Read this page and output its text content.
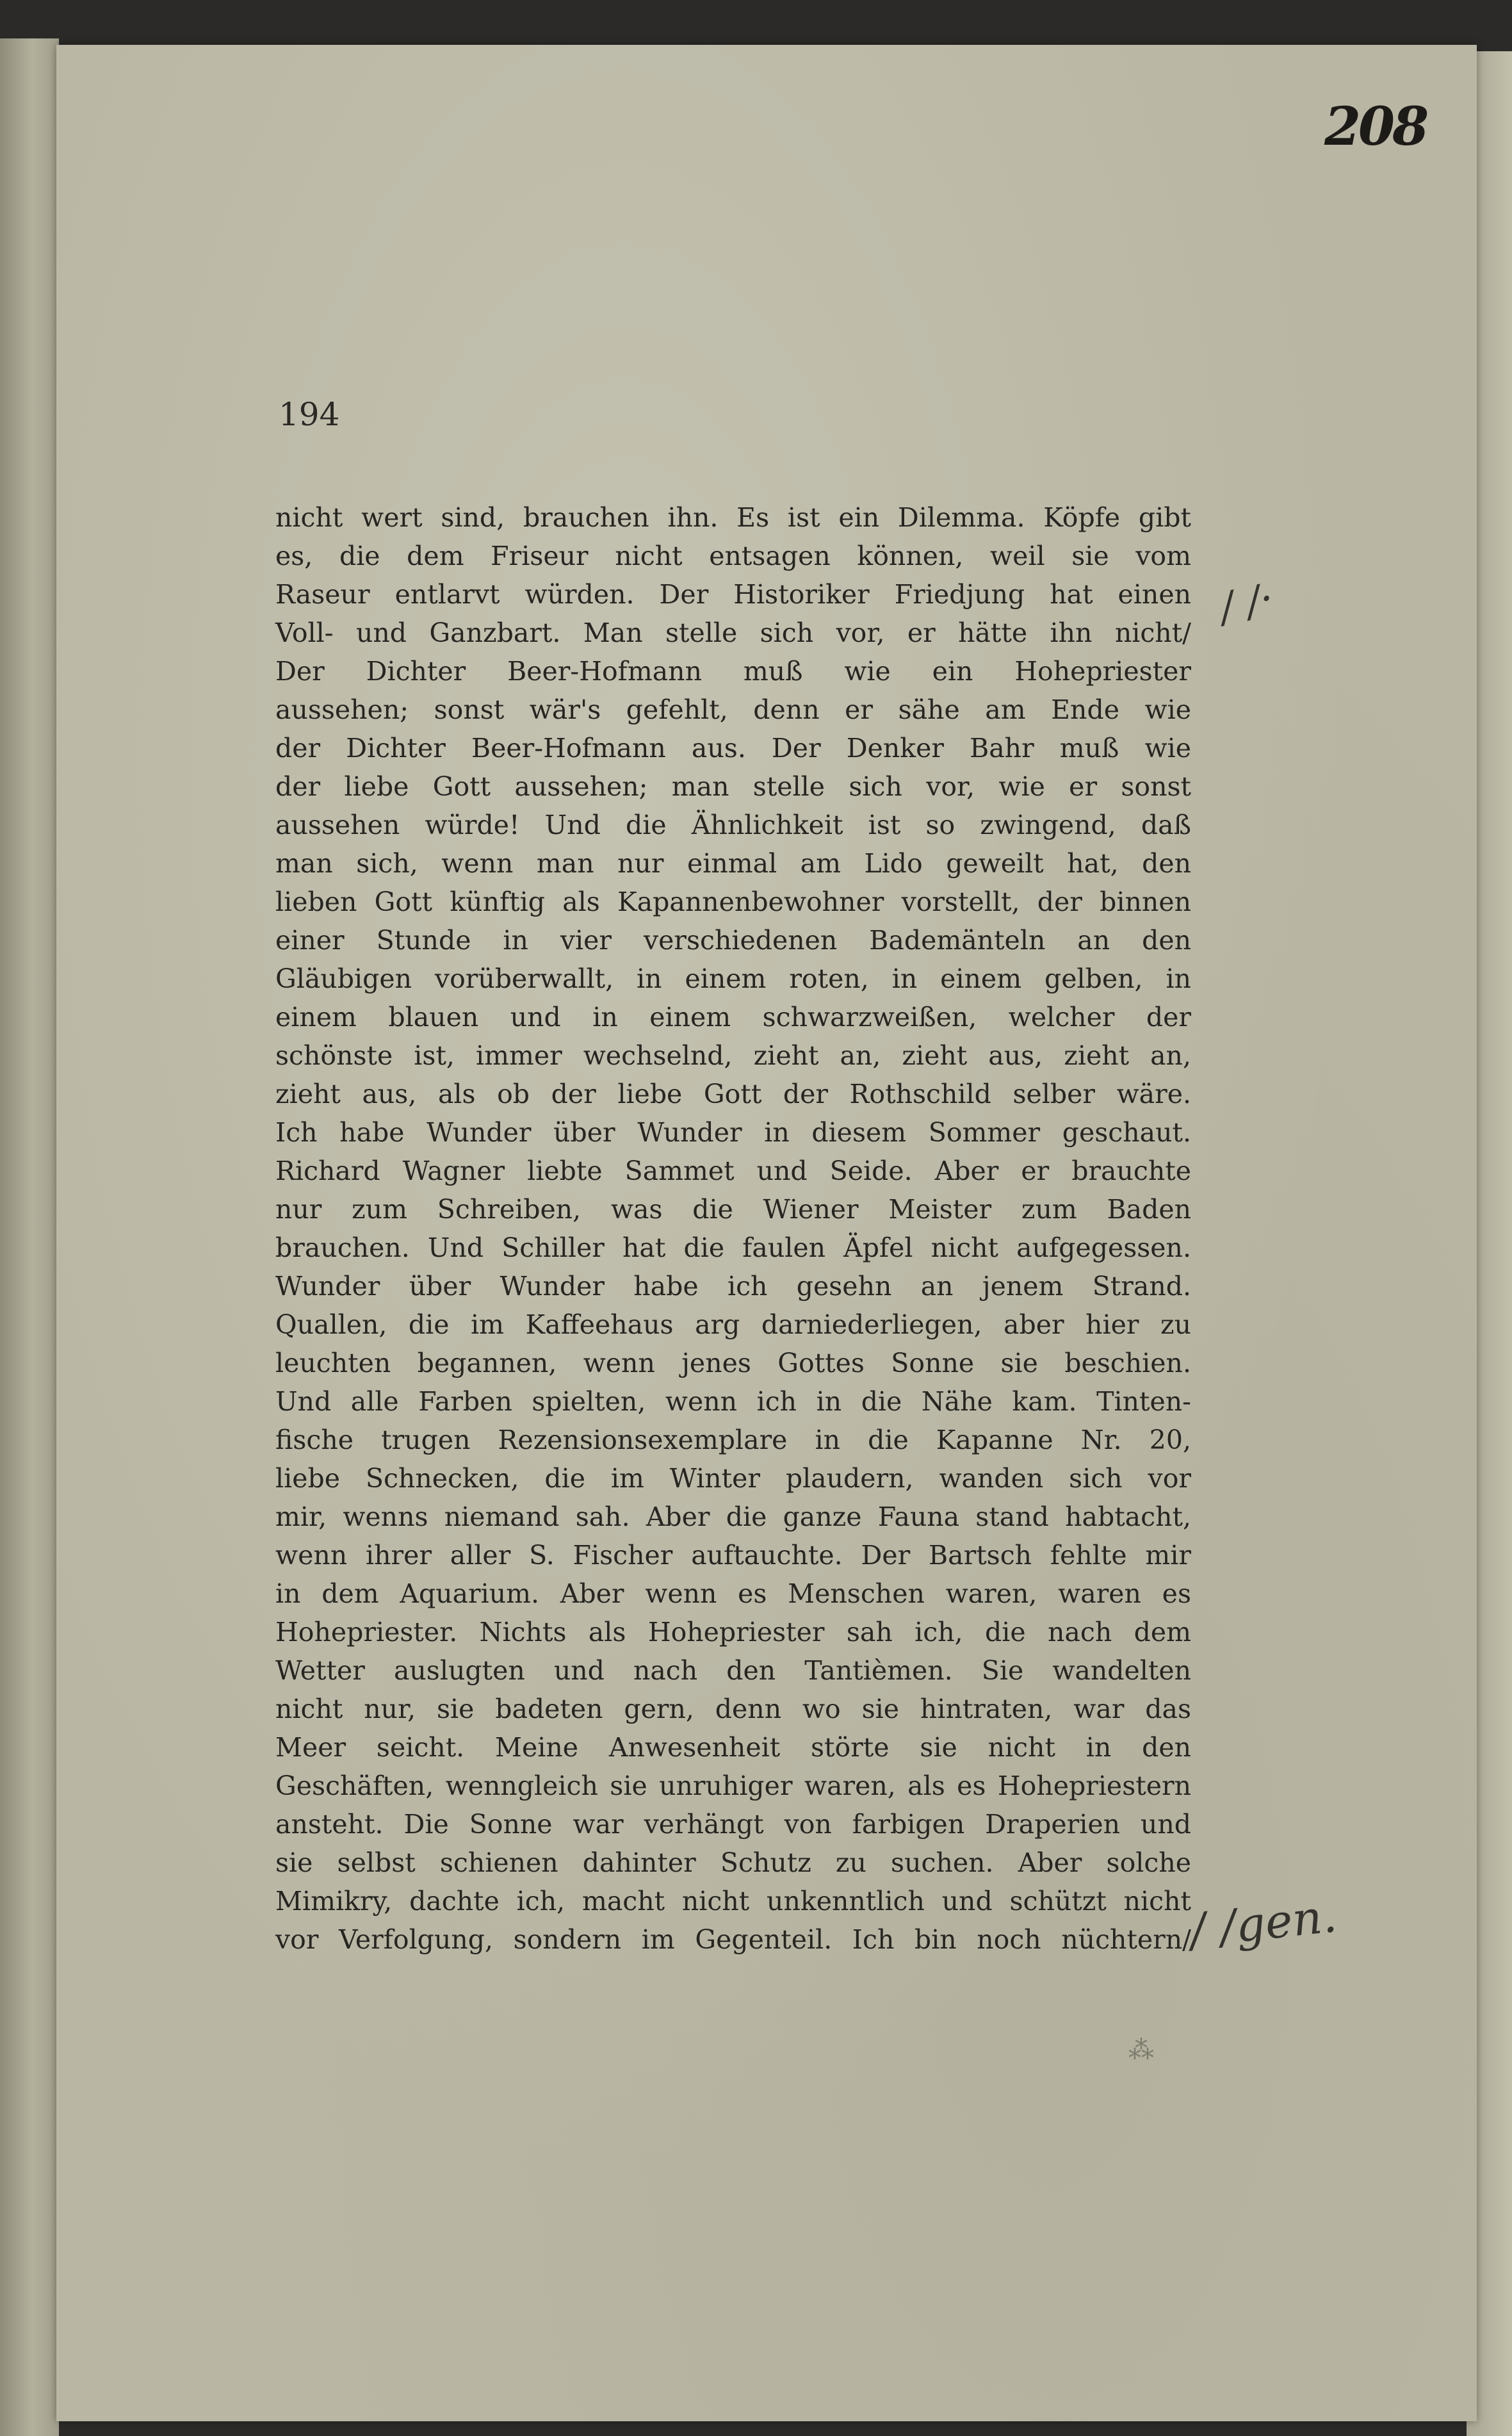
208
194
nicht wert sind, brauchen ihn. Es ist ein Dilemma. Köpfe gibt
es, die dem Friseur nicht entsagen können, weil sie vom
Raseur entlarvt würden. Der Historiker Friedjung hat einen
Voll- und Ganzbart. Man stelle sich vor, er hätte ihn nicht/
Der Dichter Beer-Hofmann muß wie ein Hohepriester
aussehen; sonst wär's gefehlt, denn er sähe am Ende wie
der Dichter Beer-Hofmann aus. Der Denker Bahr muß wie
der liebe Gott aussehen; man stelle sich vor, wie er sonst
aussehen würde! Und die Ähnlichkeit ist so zwingend, daß
man sich, wenn man nur einmal am Lido geweilt hat, den
lieben Gott künftig als Kapannenbewohner vorstellt, der binnen
einer Stunde in vier verschiedenen Bademänteln an den
Gläubigen vorüberwallt, in einem roten, in einem gelben, in
einem blauen und in einem schwarzweißen, welcher der
schönste ist, immer wechselnd, zieht an, zieht aus, zieht an,
zieht aus, als ob der liebe Gott der Rothschild selber wäre.
Ich habe Wunder über Wunder in diesem Sommer geschaut.
Richard Wagner liebte Sammet und Seide. Aber er brauchte
nur zum Schreiben, was die Wiener Meister zum Baden
brauchen. Und Schiller hat die faulen Äpfel nicht aufgegessen.
Wunder über Wunder habe ich gesehn an jenem Strand.
Quallen, die im Kaffeehaus arg darniederliegen, aber hier zu
leuchten begannen, wenn jenes Gottes Sonne sie beschien.
Und alle Farben spielten, wenn ich in die Nähe kam. Tinten-
fische trugen Rezensionsexemplare in die Kapanne Nr. 20,
liebe Schnecken, die im Winter plaudern, wanden sich vor
mir, wenns niemand sah. Aber die ganze Fauna stand habtacht,
wenn ihrer aller S. Fischer auftauchte. Der Bartsch fehlte mir
in dem Aquarium. Aber wenn es Menschen waren, waren es
Hohepriester. Nichts als Hohepriester sah ich, die nach dem
Wetter auslugten und nach den Tantièmen. Sie wandelten
nicht nur, sie badeten gern, denn wo sie hintraten, war das
Meer seicht. Meine Anwesenheit störte sie nicht in den
Geschäften, wenngleich sie unruhiger waren, als es Hohepriestern
ansteht. Die Sonne war verhängt von farbigen Draperien und
sie selbst schienen dahinter Schutz zu suchen. Aber solche
Mimikry, dachte ich, macht nicht unkenntlich und schützt nicht
vor Verfolgung, sondern im Gegenteil. Ich bin noch nüchtern/
/ /·
/ /gen.
⁂
